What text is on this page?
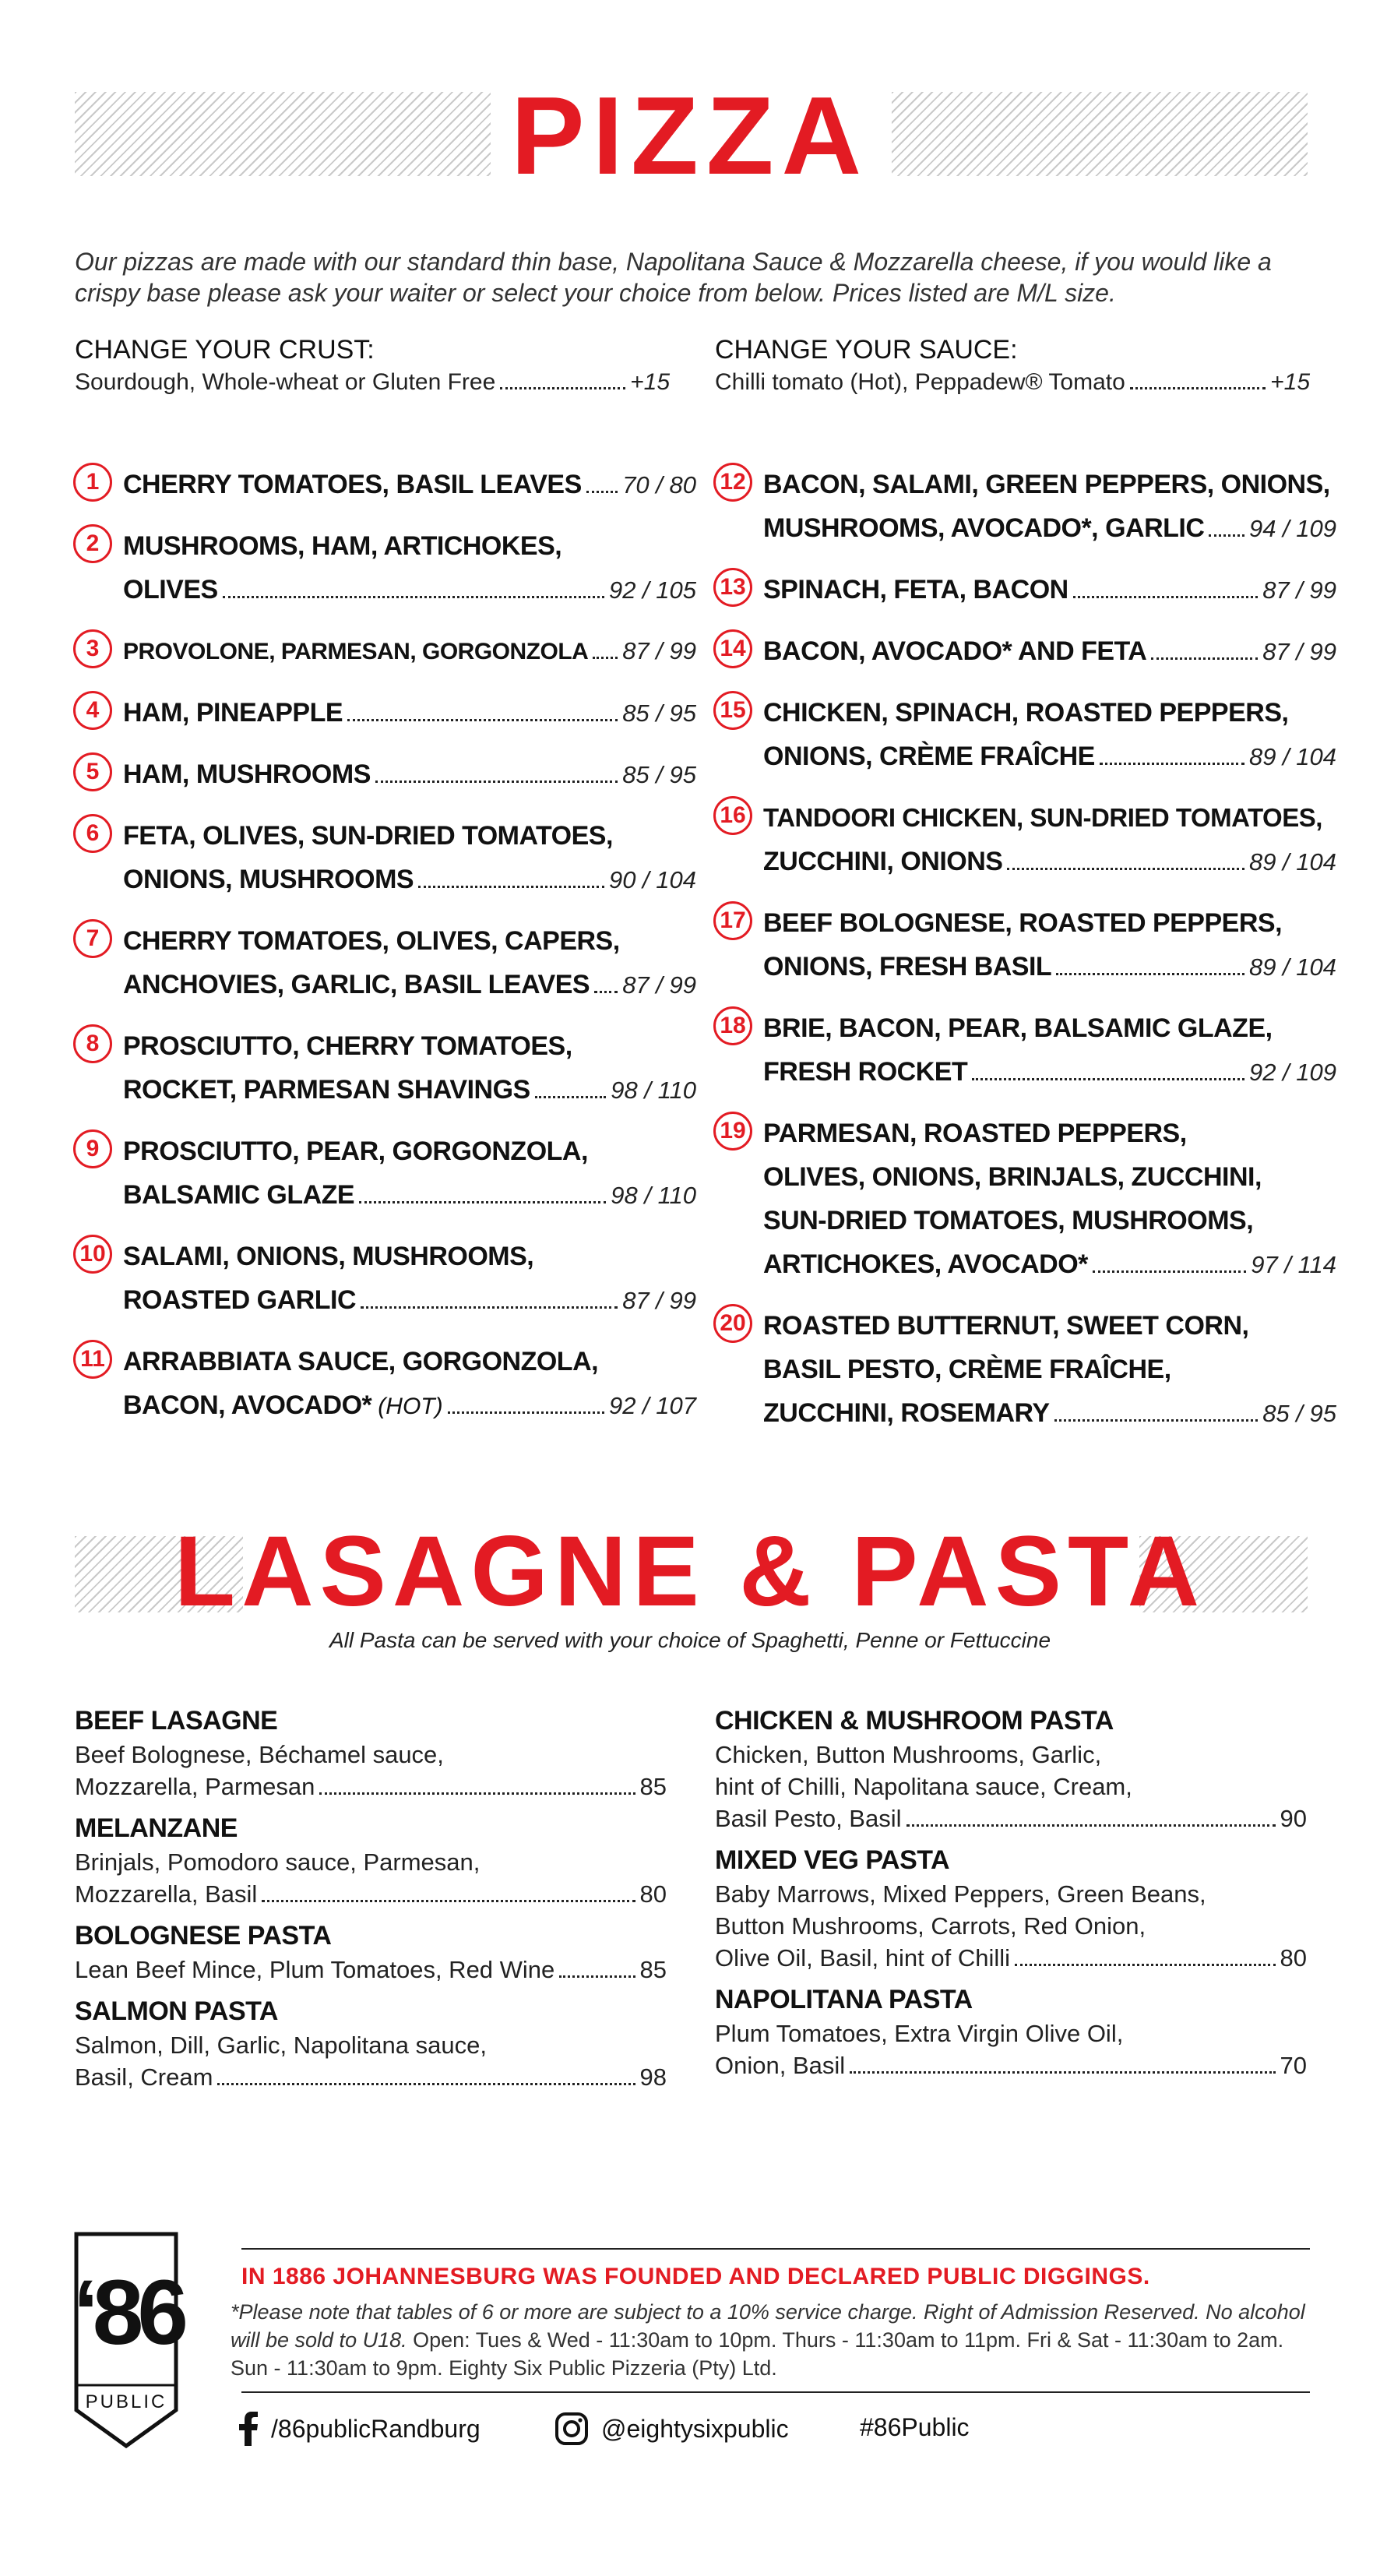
PIZZA
Our pizzas are made with our standard thin base, Napolitana Sauce & Mozzarella cheese, if you would like a crispy base please ask your waiter or select your choice from below. Prices listed are M/L size.
CHANGE YOUR CRUST:
Sourdough, Whole-wheat or Gluten Free	+15
CHANGE YOUR SAUCE:
Chilli tomato (Hot), Peppadew® Tomato	+15
1 CHERRY TOMATOES, BASIL LEAVES 70 / 80
2 MUSHROOMS, HAM, ARTICHOKES,
OLIVES	92 / 105
3	PROVOLONE, PARMESAN, GORGONZOLA 87 / 99
4 HAM, PINEAPPLE	85 / 95
5 HAM, MUSHROOMS	85 / 95
6 FETA, OLIVES, SUN-DRIED TOMATOES,
ONIONS, MUSHROOMS	90 / 104
7 CHERRY TOMATOES, OLIVES, CAPERS,
ANCHOVIES, GARLIC, BASIL LEAVES 87 / 99
8 PROSCIUTTO, CHERRY TOMATOES,
ROCKET, PARMESAN SHAVINGS	98 / 110
9 PROSCIUTTO, PEAR, GORGONZOLA,
BALSAMIC GLAZE	98 / 110
10 SALAMI, ONIONS, MUSHROOMS,
ROASTED GARLIC	87 / 99
11 ARRABBIATA SAUCE, GORGONZOLA,
BACON, AVOCADO* (HOT)	92 / 107
12 BACON, SALAMI, GREEN PEPPERS, ONIONS,
MUSHROOMS, AVOCADO*, GARLIC 94 / 109
13 SPINACH, FETA, BACON	87 / 99
14 BACON, AVOCADO* AND FETA	87 / 99
15 CHICKEN, SPINACH, ROASTED PEPPERS,
ONIONS, CRÈME FRAÎCHE	89 / 104
16 TANDOORI CHICKEN, SUN-DRIED TOMATOES,
ZUCCHINI, ONIONS	89 / 104
17 BEEF BOLOGNESE, ROASTED PEPPERS,
ONIONS, FRESH BASIL	89 / 104
18 BRIE, BACON, PEAR, BALSAMIC GLAZE,
FRESH ROCKET	92 / 109
19 PARMESAN, ROASTED PEPPERS,
OLIVES, ONIONS, BRINJALS, ZUCCHINI,
SUN-DRIED TOMATOES, MUSHROOMS,
ARTICHOKES, AVOCADO*	97 / 114
20 ROASTED BUTTERNUT, SWEET CORN,
BASIL PESTO, CRÈME FRAÎCHE,
ZUCCHINI, ROSEMARY	85 / 95
LASAGNE & PASTA
All Pasta can be served with your choice of Spaghetti, Penne or Fettuccine
BEEF LASAGNE
Beef Bolognese, Béchamel sauce,
Mozzarella, Parmesan	85
MELANZANE
Brinjals, Pomodoro sauce, Parmesan,
Mozzarella, Basil	80
BOLOGNESE PASTA
Lean Beef Mince, Plum Tomatoes, Red Wine	85
SALMON PASTA
Salmon, Dill, Garlic, Napolitana sauce,
Basil, Cream	98
CHICKEN & MUSHROOM PASTA
Chicken, Button Mushrooms, Garlic,
hint of Chilli, Napolitana sauce, Cream,
Basil Pesto, Basil	90
MIXED VEG PASTA
Baby Marrows, Mixed Peppers, Green Beans,
Button Mushrooms, Carrots, Red Onion,
Olive Oil, Basil, hint of Chilli	80
NAPOLITANA PASTA
Plum Tomatoes, Extra Virgin Olive Oil,
Onion, Basil	70
‘86
PUBLIC
IN 1886 JOHANNESBURG WAS FOUNDED AND DECLARED PUBLIC DIGGINGS.
*Please note that tables of 6 or more are subject to a 10% service charge. Right of Admission Reserved. No alcohol will be sold to U18. Open: Tues & Wed - 11:30am to 10pm. Thurs - 11:30am to 11pm. Fri & Sat - 11:30am to 2am. Sun - 11:30am to 9pm. Eighty Six Public Pizzeria (Pty) Ltd.
/86publicRandburg	@eightysixpublic	#86Public
